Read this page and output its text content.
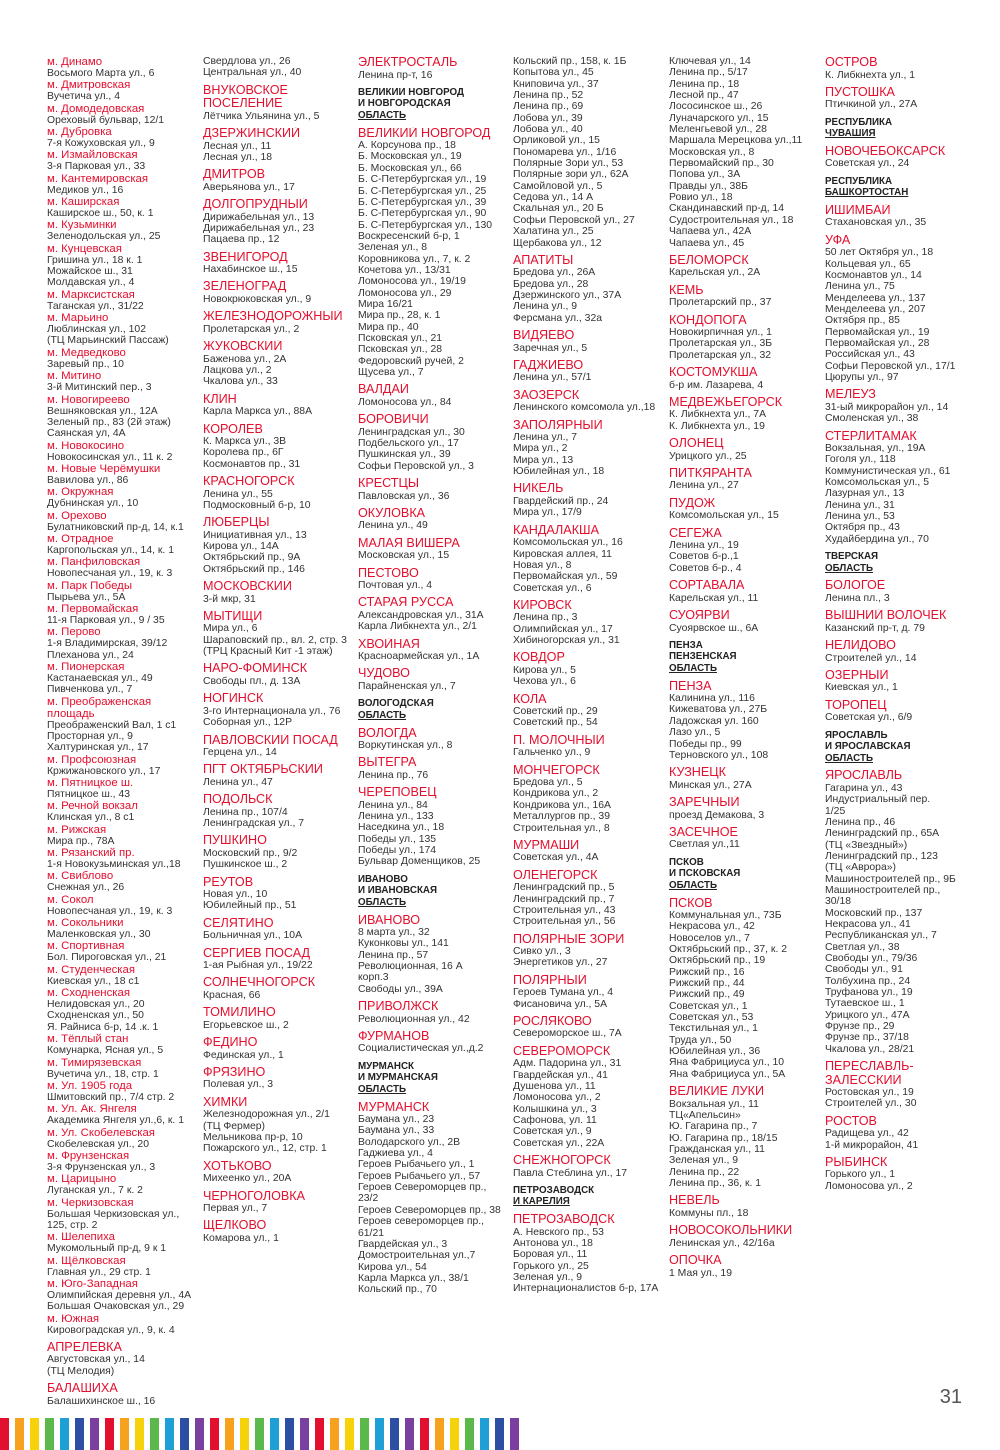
м. Динамо
Восьмого Марта ул., 6
м. Дмитровская
Вучетича ул., 4
м. Домодедовская
Ореховый бульвар, 12/1
м. Дубровка
7-я Кожуховская ул., 9
м. Измайловская
3-я Парковая ул., 33
м. Кантемировская
Медиков ул., 16
м. Каширская
Каширское ш., 50, к. 1
м. Кузьминки
Зеленодольская ул., 25
м. Кунцевская
Гришина ул., 18 к. 1
Можайское ш., 31
Молдавская ул., 4
м. Марксистская
Таганская ул., 31/22
м. Марьино
Люблинская ул., 102
(ТЦ Марьинский Пассаж)
м. Медведково
Заревый пр., 10
м. Митино
3-й Митинский пер., 3
м. Новогиреево
Вешняковская ул., 12А
Зеленый пр., 83 (2й этаж)
Саянская ул, 4А
м. Новокосино
Новокосинская ул., 11 к. 2
м. Новые Черёмушки
Вавилова ул., 86
м. Окружная
Дубнинская ул., 10
м. Орехово
Булатниковский пр-д, 14, к.1
м. Отрадное
Каргопольская ул., 14, к. 1
м. Панфиловская
Новопесчаная ул., 19, к. 3
м. Парк Победы
Пырьева ул., 5А
м. Первомайская
11-я Парковая ул., 9 / 35
м. Перово
1-я Владимирская, 39/12
Плеханова ул., 24
м. Пионерская
Кастанаевская ул., 49
Пивченкова ул., 7
м. Преображенская
площадь
Преображенский Вал, 1 с1
Просторная ул., 9
Халтуринская ул., 17
м. Профсоюзная
Кржижановского ул., 17
м. Пятницкое ш.
Пятницкое ш., 43
м. Речной вокзал
Клинская ул., 8 с1
м. Рижская
Мира пр., 78А
м. Рязанский пр.
1-я Новокузьминская ул.,18
м. Свиблово
Снежная ул., 26
м. Сокол
Новопесчаная ул., 19, к. 3
м. Сокольники
Маленковская ул., 30
м. Спортивная
Бол. Пироговская ул., 21
м. Студенческая
Киевская ул., 18 с1
м. Сходненская
Нелидовская ул., 20
Сходненская ул., 50
Я. Райниса б-р, 14 .к. 1
м. Тёплый стан
Комунарка, Ясная ул., 5
м. Тимирязевская
Вучетича ул., 18, стр. 1
м. Ул. 1905 года
Шмитовский пр., 7/4 стр. 2
м. Ул. Ак. Янгеля
Академика Янгеля ул.,6, к. 1
м. Ул. Скобелевская
Скобелевская ул., 20
м. Фрунзенская
3-я Фрунзенская ул., 3
м. Царицыно
Луганская ул., 7 к. 2
м. Черкизовская
Большая Черкизовская ул.,
125, стр. 2
м. Шелепиха
Мукомольный пр-д, 9 к 1
м. Щёлковская
Главная ул., 29 стр. 1
м. Юго-Западная
Олимпийская деревня ул., 4А
Большая Очаковская ул., 29
м. Южная
Кировоградская ул., 9, к. 4
АПРЕЛЕВКА
Августовская ул., 14
(ТЦ Мелодия)
БАЛАШИХА
Балашихинское ш., 16
Свердлова ул., 26
Центральная ул., 40
ВНУКОВСКОЕ
ПОСЕЛЕНИЕ
Лётчика Ульянина ул., 5
ДЗЕРЖИНСКИЙ
Лесная ул., 11
Лесная ул., 18
ДМИТРОВ
Аверьянова ул., 17
ДОЛГОПРУДНЫЙ
Дирижабельная ул., 13
Дирижабельная ул., 23
Пацаева пр., 12
ЗВЕНИГОРОД
Нахабинское ш., 15
ЗЕЛЕНОГРАД
Новокрюковская ул., 9
ЖЕЛЕЗНОДОРОЖНЫЙ
Пролетарская ул., 2
ЖУКОВСКИЙ
Баженова ул., 2А
Лацкова ул., 2
Чкалова ул., 33
КЛИН
Карла Маркса ул., 88А
КОРОЛЁВ
К. Маркса ул., 3В
Королева пр., 6Г
Космонавтов пр., 31
КРАСНОГОРСК
Ленина ул., 55
Подмосковный б-р, 10
ЛЮБЕРЦЫ
Инициативная ул., 13
Кирова ул., 14А
Октябрьский пр., 9А
Октябрьский пр., 146
МОСКОВСКИЙ
3-й мкр, 31
МЫТИЩИ
Мира ул., 6
Шараповский пр., вл. 2, стр. 3
(ТРЦ Красный Кит -1 этаж)
НАРО-ФОМИНСК
Свободы пл., д. 13А
НОГИНСК
3-го Интернационала ул., 76
Соборная ул., 12Р
ПАВЛОВСКИЙ ПОСАД
Герцена ул., 14
ПГТ ОКТЯБРЬСКИЙ
Ленина ул., 47
ПОДОЛЬСК
Ленина пр., 107/4
Ленинградская ул., 7
ПУШКИНО
Московский пр., 9/2
Пушкинское ш., 2
РЕУТОВ
Новая ул., 10
Юбилейный пр., 51
СЕЛЯТИНО
Больничная ул., 10А
СЕРГИЕВ ПОСАД
1-ая Рыбная ул., 19/22
СОЛНЕЧНОГОРСК
Красная, 66
ТОМИЛИНО
Егорьевское ш., 2
ФЕДИНО
Фединская ул., 1
ФРЯЗИНО
Полевая ул., 3
ХИМКИ
Железнодорожная ул., 2/1
(ТЦ Фермер)
Мельникова пр-р, 10
Пожарского ул., 12, стр. 1
ХОТЬКОВО
Михеенко ул., 20А
ЧЕРНОГОЛОВКА
Первая ул., 7
ЩЕЛКОВО
Комарова ул., 1
ЭЛЕКТРОСТАЛЬ
Ленина пр-т, 16
ВЕЛИКИЙ НОВГОРОД
И НОВГОРОДСКАЯ
ОБЛАСТЬ
ВЕЛИКИЙ НОВГОРОД
А. Корсунова пр., 18
Б. Московская ул., 19
Б. Московская ул., 66
Б. С-Петербургская ул., 19
Б. С-Петербургская ул., 25
Б. С-Петербургская ул., 39
Б. С-Петербургская ул., 90
Б. С-Петербургская ул., 130
Воскресенский б-р, 1
Зеленая ул., 8
Коровникова ул., 7, к. 2
Кочетова ул., 13/31
Ломоносова ул., 19/19
Ломоносова ул., 29
Мира 16/21
Мира пр., 28, к. 1
Мира пр., 40
Псковская ул., 21
Псковская ул., 28
Федоровский ручей, 2
Щусева ул., 7
ВАЛДАЙ
Ломоносова ул., 84
БОРОВИЧИ
Ленинградская ул., 30
Подбельского ул., 17
Пушкинская ул., 39
Софьи Перовской ул., 3
КРЕСТЦЫ
Павловская ул., 36
ОКУЛОВКА
Ленина ул., 49
МАЛАЯ ВИШЕРА
Московская ул., 15
ПЕСТОВО
Почтовая ул., 4
СТАРАЯ РУССА
Александровская ул., 31А
Карла Либкнехта ул., 2/1
ХВОЙНАЯ
Красноармейская ул., 1А
ЧУДОВО
Парайненская ул., 7
ВОЛОГОДСКАЯ
ОБЛАСТЬ
ВОЛОГДА
Воркутинская ул., 8
ВЫТЕГРА
Ленина пр., 76
ЧЕРЕПОВЕЦ
Ленина ул., 84
Ленина ул., 133
Наседкина ул., 18
Победы ул., 135
Победы ул., 174
Бульвар Доменщиков, 25
ИВАНОВО
И ИВАНОВСКАЯ
ОБЛАСТЬ
ИВАНОВО
8 марта ул., 32
Куконковы ул., 141
Ленина пр., 57
Революционная, 16 А
корп.3
Свободы ул., 39А
ПРИВОЛЖСК
Революционная ул., 42
ФУРМАНОВ
Социалистическая ул.,д.2
МУРМАНСК
И МУРМАНСКАЯ
ОБЛАСТЬ
МУРМАНСК
Баумана ул., 23
Баумана ул., 33
Володарского ул., 2В
Гаджиева ул., 4
Героев Рыбачьего ул., 1
Героев Рыбачьего ул., 57
Героев Североморцев пр.,
23/2
Героев Североморцев пр., 38
Героев североморцев пр.,
61/21
Гвардейская ул., 3
Домостроительная ул.,7
Кирова ул., 54
Карла Маркса ул., 38/1
Кольский пр., 70
Кольский пр., 158, к. 1Б
Копытова ул., 45
Книповича ул., 37
Ленина пр., 52
Ленина пр., 69
Лобова ул., 39
Лобова ул., 40
Орликовой ул., 15
Пономарева ул., 1/16
Полярные Зори ул., 53
Полярные зори ул., 62А
Самойловой ул., 5
Седова ул., 14 А
Скальная ул., 20 Б
Софьи Перовской ул., 27
Халатина ул., 25
Щербакова ул., 12
АПАТИТЫ
Бредова ул., 26А
Бредова ул., 28
Дзержинского ул., 37А
Ленина ул., 9
Ферсмана ул., 32а
ВИДЯЕВО
Заречная ул., 5
ГАДЖИЕВО
Ленина ул., 57/1
ЗАОЗЕРСК
Ленинского комсомола ул.,18
ЗАПОЛЯРНЫЙ
Ленина ул., 7
Мира ул., 2
Мира ул., 13
Юбилейная ул., 18
НИКЕЛЬ
Гвардейский пр., 24
Мира ул., 17/9
КАНДАЛАКША
Комсомольская ул., 16
Кировская аллея, 11
Новая ул., 8
Первомайская ул., 59
Советская ул., 6
КИРОВСК
Ленина пр., 3
Олимпийская ул., 17
Хибиногорская ул., 31
КОВДОР
Кирова ул., 5
Чехова ул., 6
КОЛА
Советский пр., 29
Советский пр., 54
П. МОЛОЧНЫЙ
Гальченко ул., 9
МОНЧЕГОРСК
Бредова ул., 5
Кондрикова ул., 2
Кондрикова ул., 16А
Металлургов пр., 39
Строительная ул., 8
МУРМАШИ
Советская ул., 4А
ОЛЕНЕГОРСК
Ленинградский пр., 5
Ленинградский пр., 7
Строительная ул., 43
Строительная ул., 56
ПОЛЯРНЫЕ ЗОРИ
Сивко ул., 3
Энергетиков ул., 27
ПОЛЯРНЫЙ
Героев Тумана ул., 4
Фисановича ул., 5А
РОСЛЯКОВО
Североморское ш., 7А
СЕВЕРОМОРСК
Адм. Падорина ул., 31
Гвардейская ул., 41
Душенова ул., 11
Ломоносова ул., 2
Колышкина ул., 3
Сафонова, ул. 11
Советская ул., 9
Советская ул., 22А
СНЕЖНОГОРСК
Павла Стеблина ул., 17
ПЕТРОЗАВОДСК
И КАРЕЛИЯ
ПЕТРОЗАВОДСК
А. Невского пр., 53
Антонова ул., 18
Боровая ул., 11
Горького ул., 25
Зеленая ул., 9
Интернационалистов б-р, 17А
Ключевая ул., 14
Ленина пр., 5/17
Ленина пр., 18
Лесной пр., 47
Лососинское ш., 26
Луначарского ул., 15
Меленгьевой ул., 28
Маршала Мерецкова ул.,11
Московская ул., 8
Первомайский пр., 30
Попова ул., 3А
Правды ул., 38Б
Ровио ул., 18
Скандинавский пр-д, 14
Судостроительная ул., 18
Чапаева ул., 42А
Чапаева ул., 45
БЕЛОМОРСК
Карельская ул., 2А
КЕМЬ
Пролетарский пр., 37
КОНДОПОГА
Новокирпичная ул., 1
Пролетарская ул., 3Б
Пролетарская ул., 32
КОСТОМУКША
б-р им. Лазарева, 4
МЕДВЕЖЬЕГОРСК
К. Либкнехта ул., 7А
К. Либкнехта ул., 19
ОЛОНЕЦ
Урицкого ул., 25
ПИТКЯРАНТА
Ленина ул., 27
ПУДОЖ
Комсомольская ул., 15
СЕГЕЖА
Ленина ул., 19
Советов б-р.,1
Советов б-р., 4
СОРТАВАЛА
Карельская ул., 11
СУОЯРВИ
Суоярвское ш., 6А
ПЕНЗА
ПЕНЗЕНСКАЯ
ОБЛАСТЬ
ПЕНЗА
Калинина ул., 116
Кижеватова ул., 27Б
Ладожская ул. 160
Лазо ул., 5
Победы пр., 99
Терновского ул., 108
КУЗНЕЦК
Минская ул., 27А
ЗАРЕЧНЫЙ
проезд Демакова, 3
ЗАСЕЧНОЕ
Светлая ул.,11
ПСКОВ
И ПСКОВСКАЯ
ОБЛАСТЬ
ПСКОВ
Коммунальная ул., 73Б
Некрасова ул., 42
Новоселов ул., 7
Октябрьский пр., 37, к. 2
Октябрьский пр., 19
Рижский пр., 16
Рижский пр., 44
Рижский пр., 49
Советская ул., 1
Советская ул., 53
Текстильная ул., 1
Труда ул., 50
Юбилейная ул., 36
Яна Фабрициуса ул., 10
Яна Фабрициуса ул., 5А
ВЕЛИКИЕ ЛУКИ
Вокзальная ул., 11
ТЦ«Апельсин»
Ю. Гагарина пр., 7
Ю. Гагарина пр., 18/15
Гражданская ул., 11
Зеленая ул., 9
Ленина пр., 22
Ленина пр., 36, к. 1
НЕВЕЛЬ
Коммуны пл., 18
НОВОСОКОЛЬНИКИ
Ленинская ул., 42/16а
ОПОЧКА
1 Мая ул., 19
ОСТРОВ
К. Либкнехта ул., 1
ПУСТОШКА
Птичкиной ул., 27А
РЕСПУБЛИКА
ЧУВАШИЯ
НОВОЧЕБОКСАРСК
Советская ул., 24
РЕСПУБЛИКА
БАШКОРТОСТАН
ИШИМБАЙ
Стахановская ул., 35
УФА
50 лет Октября ул., 18
Кольцевая ул., 65
Космонавтов ул., 14
Ленина ул., 75
Менделеева ул., 137
Менделеева ул., 207
Октября пр., 85
Первомайская ул., 19
Первомайская ул., 28
Российская ул., 43
Софьи Перовской ул., 17/1
Цюрупы ул., 97
МЕЛЕУЗ
31-ый микрорайон ул., 14
Смоленская ул., 38
СТЕРЛИТАМАК
Вокзальная, ул., 19А
Гоголя ул., 118
Коммунистическая ул., 61
Комсомольская ул., 5
Лазурная ул., 13
Ленина ул., 31
Ленина ул., 53
Октября пр., 43
Худайбердина ул., 70
ТВЕРСКАЯ
ОБЛАСТЬ
БОЛОГОЕ
Ленина пл., 3
ВЫШНИЙ ВОЛОЧЕК
Казанский пр-т, д. 79
НЕЛИДОВО
Строителей ул., 14
ОЗЕРНЫЙ
Киевская ул., 1
ТОРОПЕЦ
Советская ул., 6/9
ЯРОСЛАВЛЬ
И ЯРОСЛАВСКАЯ
ОБЛАСТЬ
ЯРОСЛАВЛЬ
Гагарина ул., 43
Индустриальный пер.
1/25
Ленина пр., 46
Ленинградский пр., 65А
(ТЦ «Звездный»)
Ленинградский пр., 123
(ТЦ «Аврора»)
Машиностроителей пр., 9Б
Машиностроителей пр.,
30/18
Московский пр., 137
Некрасова ул., 41
Республиканская ул., 7
Светлая ул., 38
Свободы ул., 79/36
Свободы ул., 91
Толбухина пр., 24
Труфанова ул., 19
Тутаевское ш., 1
Урицкого ул., 47А
Фрунзе пр., 29
Фрунзе пр., 37/18
Чкалова ул., 28/21
ПЕРЕСЛАВЛЬ-
ЗАЛЕССКИЙ
Ростовская ул., 19
Строителей ул., 30
РОСТОВ
Радищева ул., 42
1-й микрорайон, 41
РЫБИНСК
Горького ул., 1
Ломоносова ул., 2
31
